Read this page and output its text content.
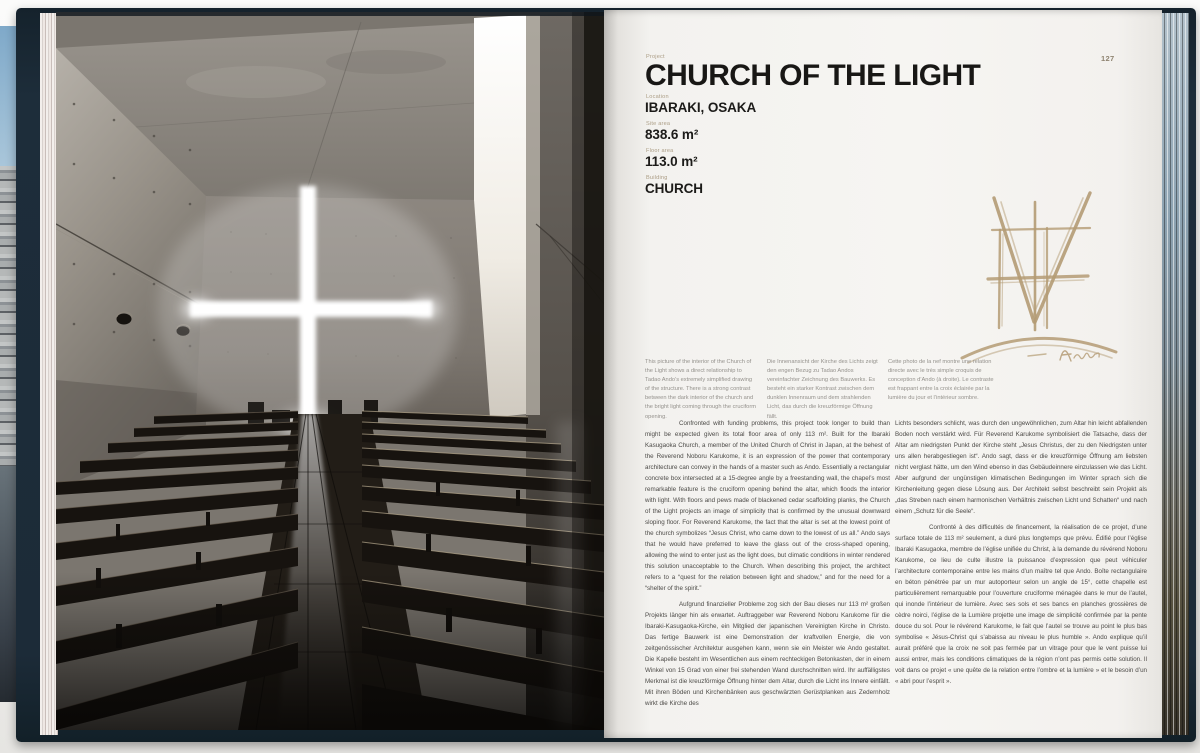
127
Project
CHURCH OF THE LIGHT
Location
IBARAKI, OSAKA
Site area
838.6 m²
Floor area
113.0 m²
Building
CHURCH
This picture of the interior of the Church of the Light shows a direct relationship to Tadao Ando’s extremely simplified drawing of the structure. There is a strong contrast between the dark interior of the church and the bright light coming through the cruciform opening.
Die Innenansicht der Kirche des Lichts zeigt den engen Bezug zu Tadao Andos vereinfachter Zeichnung des Bauwerks. Es besteht ein starker Kontrast zwischen dem dunklen Innenraum und dem strahlenden Licht, das durch die kreuzförmige Öffnung fällt.
Cette photo de la nef montre une relation directe avec le très simple croquis de conception d’Ando (à droite). Le contraste est frappant entre la croix éclairée par la lumière du jour et l’intérieur sombre.

Confronted with funding problems, this project took longer to build than might be expected given its total floor area of only 113 m². Built for the Ibaraki Kasugaoka Church, a member of the United Church of Christ in Japan, at the behest of the Reverend Noboru Karukome, it is an expression of the power that contemporary architecture can convey in the hands of a master such as Ando. Essentially a rectangular concrete box intersected at a 15-degree angle by a freestanding wall, the chapel’s most remarkable feature is the cruciform opening behind the altar, which floods the interior with light. With floors and pews made of blackened cedar scaffolding planks, the Church of the Light projects an image of simplicity that is confirmed by the unusual downward sloping floor. For Reverend Karukome, the fact that the altar is set at the lowest point of the church symbolizes “Jesus Christ, who came down to the lowest of us all.” Ando says that he would have preferred to leave the glass out of the cross-shaped opening, allowing the wind to enter just as the light does, but climatic conditions in winter rendered this solution unacceptable to the Church. When describing this project, the architect refers to a “quest for the relation between light and shadow,” and for the need for a “shelter of the spirit.”

Aufgrund finanzieller Probleme zog sich der Bau dieses nur 113 m² großen Projekts länger hin als erwartet. Auftraggeber war Reverend Noboru Karukome für die Ibaraki-Kasugaoka-Kirche, ein Mitglied der japanischen Vereinigten Kirche in Christo. Das fertige Bauwerk ist eine Demonstration der kraftvollen Energie, die von zeitgenössischer Architektur ausgehen kann, wenn sie ein Meister wie Ando gestaltet. Die Kapelle besteht im Wesentlichen aus einem rechteckigen Betonkasten, der in einem Winkel von 15 Grad von einer frei stehenden Wand durchschnitten wird. Ihr auffälligstes Merkmal ist die kreuzförmige Öffnung hinter dem Altar, durch die Licht ins Innere einfällt. Mit ihren Böden und Kirchenbänken aus geschwärzten Gerüstplanken aus Zedernholz wirkt die Kirche des

Lichts besonders schlicht, was durch den ungewöhnlichen, zum Altar hin leicht abfallenden Boden noch verstärkt wird. Für Reverend Karukome symbolisiert die Tatsache, dass der Altar am niedrigsten Punkt der Kirche steht „Jesus Christus, der zu den Niedrigsten unter uns allen herabgestiegen ist“. Ando sagt, dass er die kreuzförmige Öffnung am liebsten nicht verglast hätte, um den Wind ebenso in das Gebäudeinnere einzulassen wie das Licht. Aber aufgrund der ungünstigen klimatischen Bedingungen im Winter sprach sich die Kirchenleitung gegen diese Lösung aus. Der Architekt selbst beschreibt sein Projekt als „das Streben nach einem harmonischen Verhältnis zwischen Licht und Schatten“ und nach einem „Schutz für die Seele“.

Confronté à des difficultés de financement, la réalisation de ce projet, d’une surface totale de 113 m² seulement, a duré plus longtemps que prévu. Édifié pour l’église Ibaraki Kasugaoka, membre de l’église unifiée du Christ, à la demande du révérend Noboru Karukome, ce lieu de culte illustre la puissance d’expression que peut véhiculer l’architecture contemporaine entre les mains d’un maître tel que Ando. Boîte rectangulaire en béton pénétrée par un mur autoporteur selon un angle de 15°, cette chapelle est particulièrement remarquable pour l’ouverture cruciforme ménagée dans le mur de l’autel, qui inonde l’intérieur de lumière. Avec ses sols et ses bancs en planches grossières de cèdre noirci, l’église de la Lumière projette une image de simplicité confirmée par la pente douce du sol. Pour le révérend Karukome, le fait que l’autel se trouve au point le plus bas symbolise « Jésus-Christ qui s’abaissa au niveau le plus humble ». Ando explique qu’il aurait préféré que la croix ne soit pas fermée par un vitrage pour que le vent puisse lui aussi entrer, mais les conditions climatiques de la région n’ont pas permis cette solution. Il voit dans ce projet « une quête de la relation entre l’ombre et la lumière » et le besoin d’un « abri pour l’esprit ».
